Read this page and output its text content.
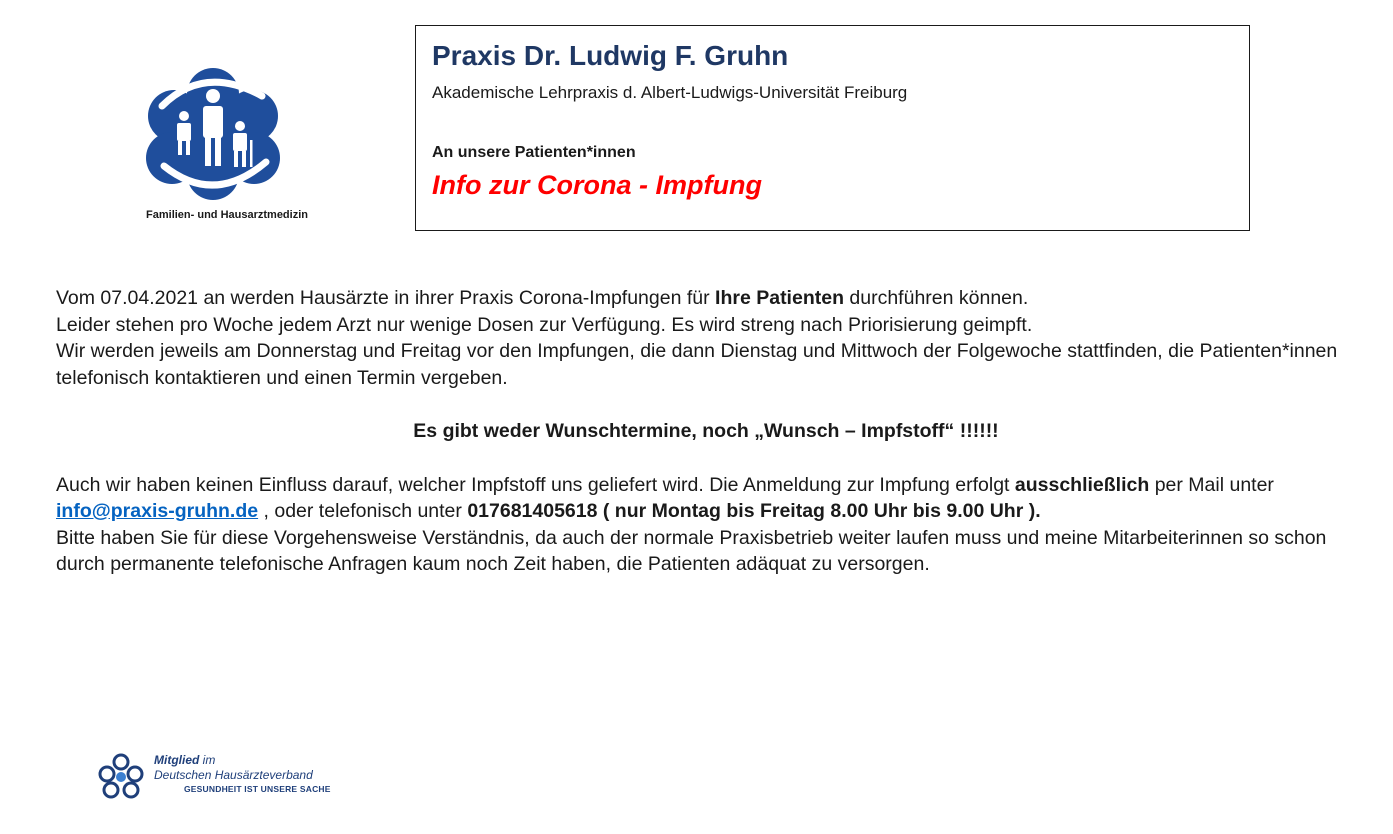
Familien- und Hausarztmedizin
Praxis Dr. Ludwig F. Gruhn
Akademische Lehrpraxis d. Albert-Ludwigs-Universität Freiburg
An unsere Patienten*innen
Info zur Corona - Impfung

Vom 07.04.2021 an werden Hausärzte in ihrer Praxis Corona-Impfungen für Ihre Patienten durchführen können.
Leider stehen pro Woche jedem Arzt nur wenige Dosen zur Verfügung. Es wird streng nach Priorisierung geimpft.
Wir werden jeweils am Donnerstag und Freitag vor den Impfungen, die dann Dienstag und Mittwoch der Folgewoche stattfinden, die Patienten*innen telefonisch kontaktieren und einen Termin vergeben.

Es gibt weder Wunschtermine, noch „Wunsch – Impfstoff“ !!!!!!

Auch wir haben keinen Einfluss darauf, welcher Impfstoff uns geliefert wird. Die Anmeldung zur Impfung erfolgt ausschließlich per Mail unter info@praxis-gruhn.de , oder telefonisch unter 017681405618 ( nur Montag bis Freitag 8.00 Uhr bis 9.00 Uhr ).
Bitte haben Sie für diese Vorgehensweise Verständnis, da auch der normale Praxisbetrieb weiter laufen muss und meine Mitarbeiterinnen so schon durch permanente telefonische Anfragen kaum noch Zeit haben, die Patienten adäquat zu versorgen.

Mitglied im
Deutschen Hausärzteverband
GESUNDHEIT IST UNSERE SACHE
